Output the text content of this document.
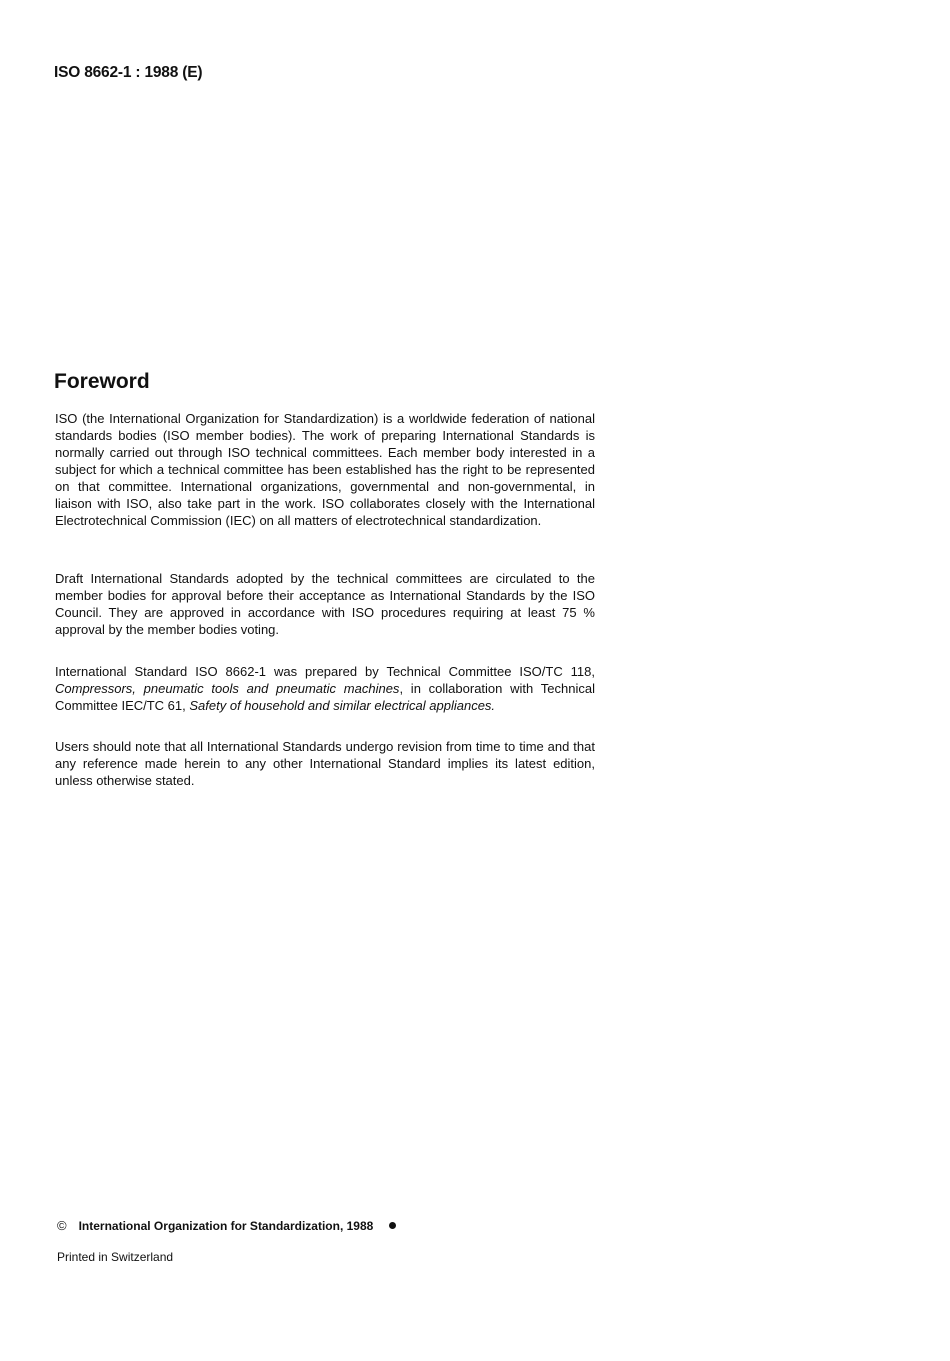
ISO 8662-1 : 1988 (E)
Foreword

ISO (the International Organization for Standardization) is a worldwide federation of national standards bodies (ISO member bodies). The work of preparing International Standards is normally carried out through ISO technical committees. Each member body interested in a subject for which a technical committee has been established has the right to be represented on that committee. International organizations, governmental and non-governmental, in liaison with ISO, also take part in the work. ISO collaborates closely with the International Electrotechnical Commission (IEC) on all matters of electrotechnical standardization.

Draft International Standards adopted by the technical committees are circulated to the member bodies for approval before their acceptance as International Standards by the ISO Council. They are approved in accordance with ISO procedures requiring at least 75 % approval by the member bodies voting.

International Standard ISO 8662-1 was prepared by Technical Committee ISO/TC 118, Compressors, pneumatic tools and pneumatic machines, in collaboration with Technical Committee IEC/TC 61, Safety of household and similar electrical appliances.

Users should note that all International Standards undergo revision from time to time and that any reference made herein to any other International Standard implies its latest edition, unless otherwise stated.

© International Organization for Standardization, 1988
Printed in Switzerland
